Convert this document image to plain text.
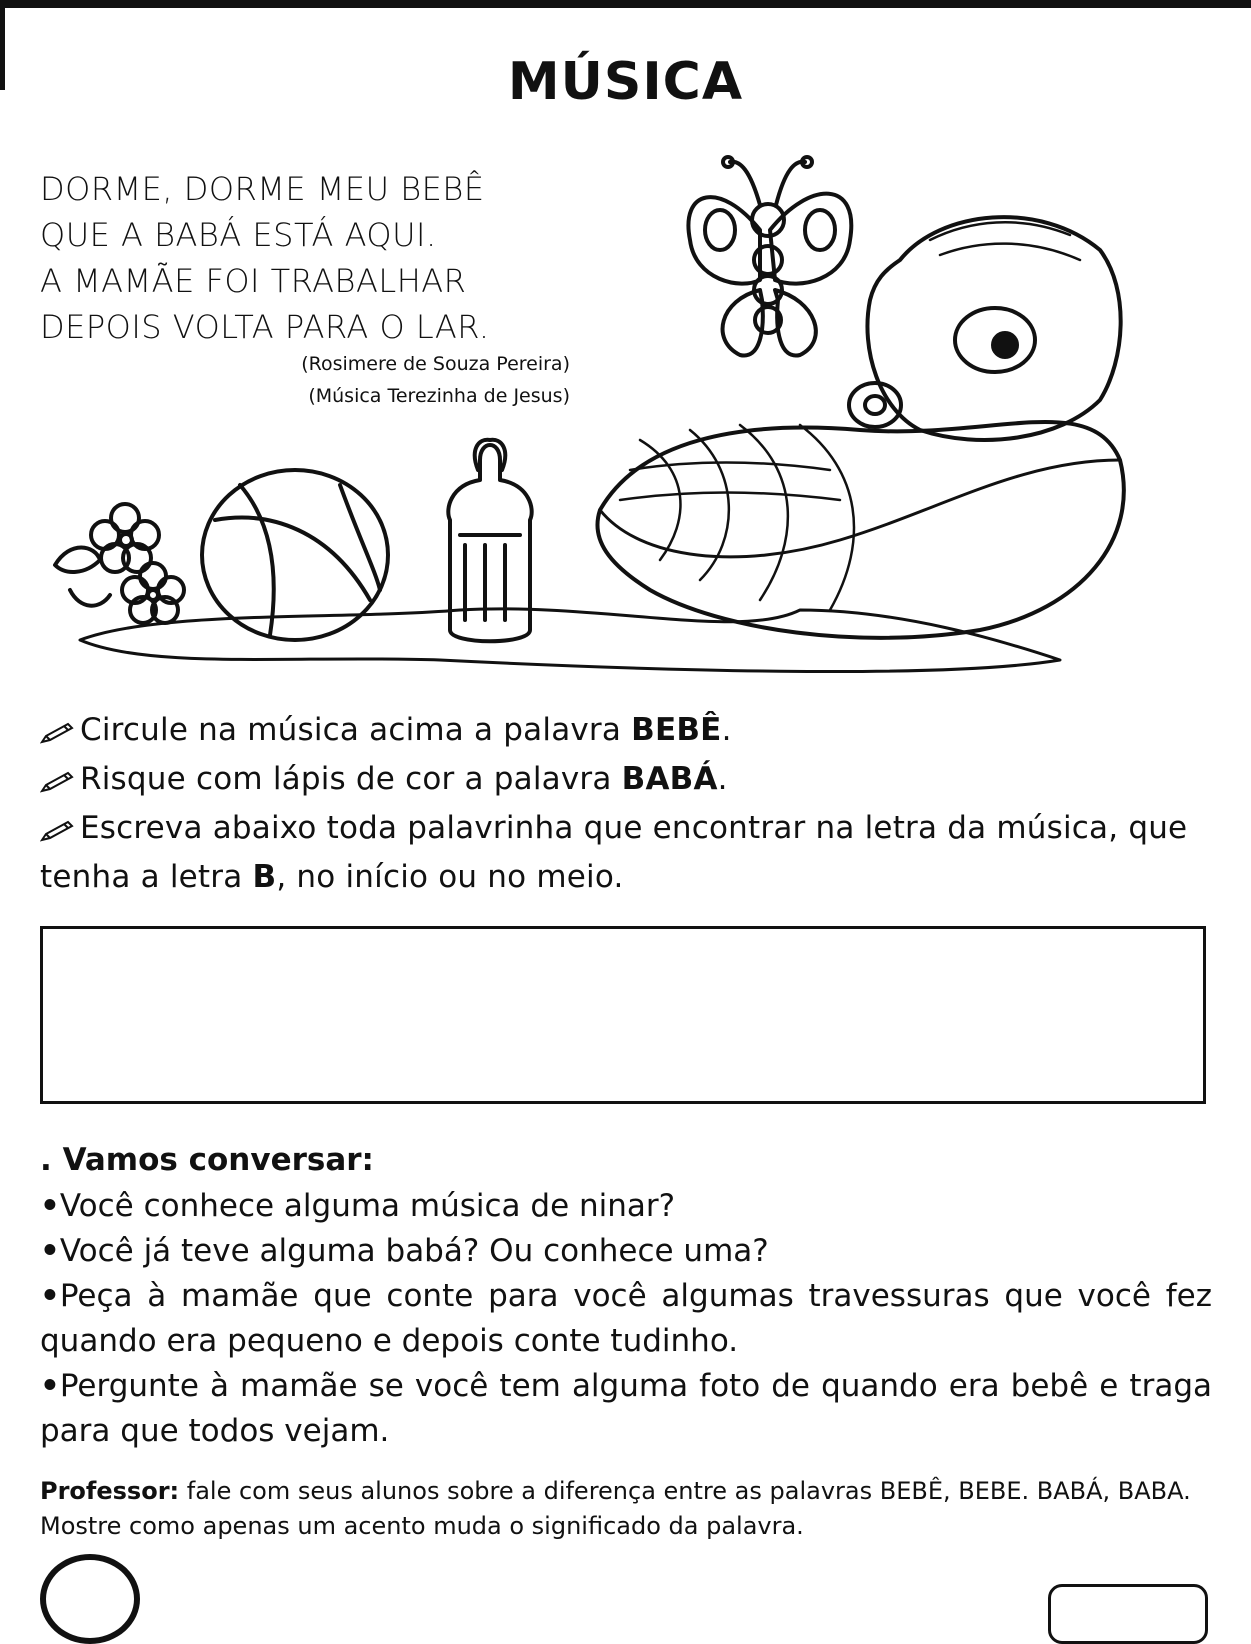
MÚSICA
DORME, DORME MEU BEBÊ
QUE A BABÁ ESTÁ AQUI.
A MAMÃE FOI TRABALHAR
DEPOIS VOLTA PARA O LAR.
(Rosimere de Souza Pereira)
(Música Terezinha de Jesus)
Circule na música acima a palavra BEBÊ.
Risque com lápis de cor a palavra BABÁ.
Escreva abaixo toda palavrinha que encontrar na letra da música, que tenha a letra B, no início ou no meio.
. Vamos conversar:
•Você conhece alguma música de ninar?
•Você já teve alguma babá? Ou conhece uma?
•Peça à mamãe que conte para você algumas travessuras que você fez quando era pequeno e depois conte tudinho.
•Pergunte à mamãe se você tem alguma foto de quando era bebê e traga para que todos vejam.
Professor: fale com seus alunos sobre a diferença entre as palavras BEBÊ, BEBE. BABÁ, BABA. Mostre como apenas um acento muda o significado da palavra.
